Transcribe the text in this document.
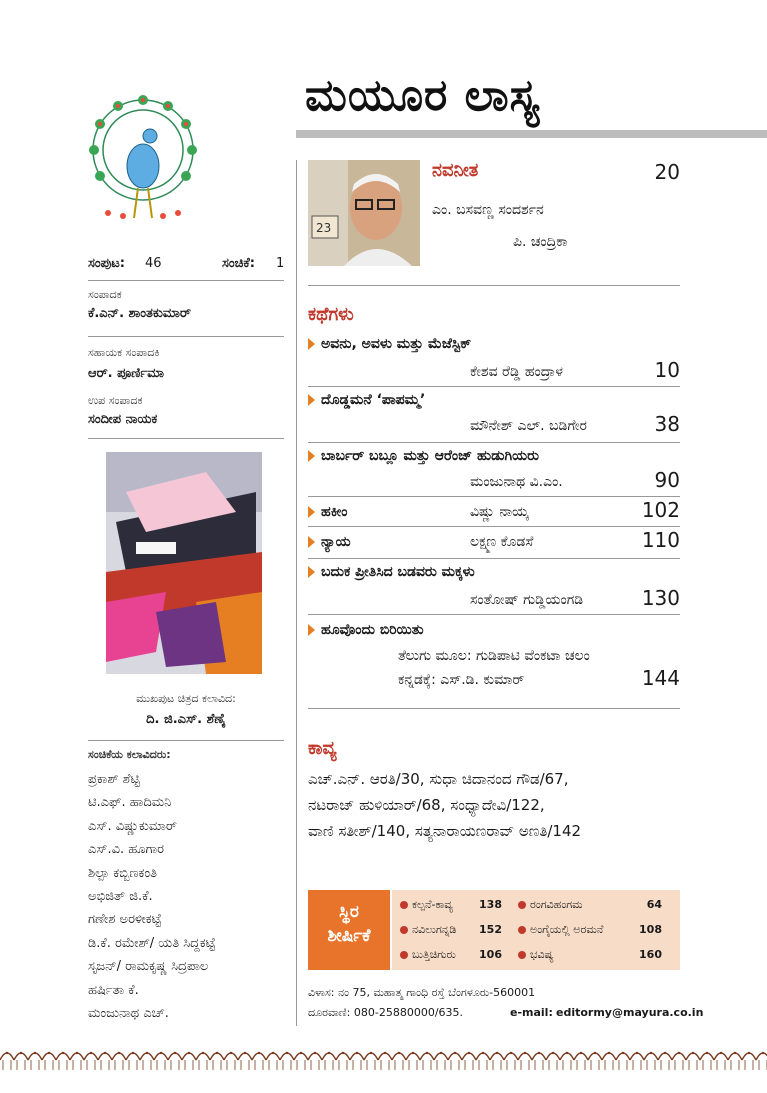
ಮಯೂರ ಲಾಸ್ಯ
ಸಂಪುಟ: 46	ಸಂಚಿಕೆ: 1
ಸಂಪಾದಕ
ಕೆ.ಎನ್. ಶಾಂತಕುಮಾರ್
ಸಹಾಯಕ ಸಂಪಾದಕಿ
ಆರ್. ಪೂರ್ಣಿಮಾ
ಉಪ ಸಂಪಾದಕ
ಸಂದೀಪ ನಾಯಕ
ಮುಖಪುಟ ಚಿತ್ರದ ಕಲಾವಿದ:
ದಿ. ಜಿ.ಎಸ್. ಶೆಣೈ
ಸಂಚಿಕೆಯ ಕಲಾವಿದರು:
ಪ್ರಕಾಶ್ ಶೆಟ್ಟಿ
ಟಿ.ಎಫ್. ಹಾದಿಮನಿ
ಎಸ್. ವಿಷ್ಣುಕುಮಾರ್
ಎಸ್.ವಿ. ಹೂಗಾರ
ಶಿಲ್ಪಾ ಕಬ್ಬಿಣಕಂತಿ
ಅಭಿಜಿತ್ ಜಿ.ಕೆ.
ಗಣೇಶ ಅರಳೀಕಟ್ಟೆ
ಡಿ.ಕೆ. ರಮೇಶ್/ ಯತಿ ಸಿದ್ದಕಟ್ಟೆ
ಸೃಜನ್/ ರಾಮಕೃಷ್ಣ ಸಿದ್ರಪಾಲ
ಹರ್ಷಿತಾ ಕೆ.
ಮಂಜುನಾಥ ಎಚ್.
23
ನವನೀತ	20
ಎಂ. ಬಸವಣ್ಣ ಸಂದರ್ಶನ
ಪಿ. ಚಂದ್ರಿಕಾ
ಕಥೆಗಳು
ಅವನು, ಅವಳು ಮತ್ತು ಮೆಜೆಸ್ಟಿಕ್
ಕೇಶವ ರೆಡ್ಡಿ ಹಂದ್ರಾಳ	10
ದೊಡ್ಡಮನೆ ‘ಪಾಪಮ್ಮ’
ಮೌನೇಶ್ ಎಲ್. ಬಡಿಗೇರ	38
ಬಾರ್ಬರ್ ಬಬ್ಲೂ ಮತ್ತು ಆರೆಂಜ್ ಹುಡುಗಿಯರು
ಮಂಜುನಾಥ ವಿ.ಎಂ.	90
ಹಕೀಂ	ವಿಷ್ಣು ನಾಯ್ಕ	102
ನ್ಯಾಯ	ಲಕ್ಷ್ಮಣ ಕೊಡಸೆ	110
ಬದುಕ ಪ್ರೀತಿಸಿದ ಬಡವರು ಮಕ್ಕಳು
ಸಂತೋಷ್ ಗುಡ್ಡಿಯಂಗಡಿ	130
ಹೂವೊಂದು ಬಿರಿಯಿತು
ತೆಲುಗು ಮೂಲ: ಗುಡಿಪಾಟಿ ವೆಂಕಟಾ ಚಲಂ
ಕನ್ನಡಕ್ಕೆ: ಎಸ್.ಡಿ. ಕುಮಾರ್	144
ಕಾವ್ಯ
ಎಚ್.ಎನ್. ಆರತಿ/30, ಸುಧಾ ಚಿದಾನಂದ ಗೌಡ/67,
ನಟರಾಜ್ ಹುಳಿಯಾರ್/68, ಸಂಧ್ಯಾದೇವಿ/122,
ವಾಣಿ ಸತೀಶ್/140, ಸತ್ಯನಾರಾಯಣರಾವ್ ಅಣತಿ/142
ಸ್ಥಿರ
ಶೀರ್ಷಿಕೆ
ಕಲ್ಪನೆ-ಕಾವ್ಯ	138	ರಂಗವಿಹಂಗಮ	64
ನವಿಲುಗನ್ನಡಿ	152	ಅಂಗೈಯಲ್ಲಿ ಅರಮನೆ	108
ಬುತ್ತಿಚಿಗುರು	106	ಭವಿಷ್ಯ	160
ವಿಳಾಸ: ನಂ 75, ಮಹಾತ್ಮ ಗಾಂಧಿ ರಸ್ತೆ ಬೆಂಗಳೂರು-560001
ದೂರವಾಣಿ: 080-25880000/635.	e-mail: editormy@mayura.co.in
